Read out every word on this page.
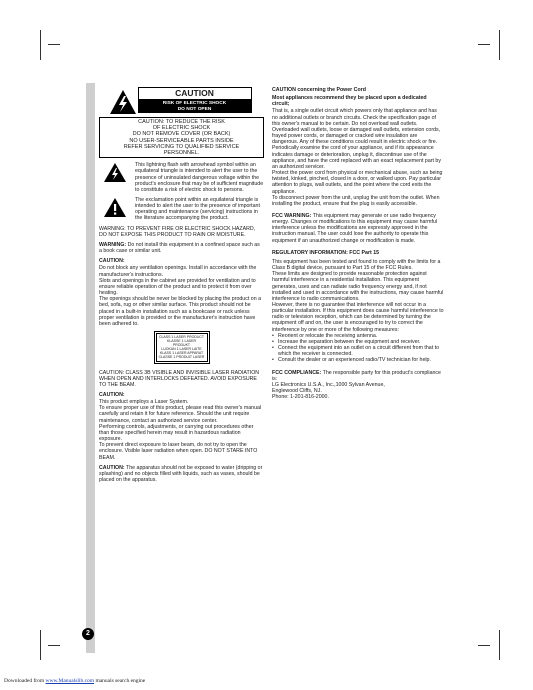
CAUTION
RISK OF ELECTRIC SHOCK
DO NOT OPEN
CAUTION: TO REDUCE THE RISK
OF ELECTRIC SHOCK
DO NOT REMOVE COVER (OR BACK)
NO USER-SERVICEABLE PARTS INSIDE
REFER SERVICING TO QUALIFIED SERVICE
PERSONNEL.
This lightning flash with arrowhead symbol within an equilateral triangle is intended to alert the user to the presence of uninsulated dangerous voltage within the product's enclosure that may be of sufficient magnitude to constitute a risk of electric shock to persons.
The exclamation point within an equilateral triangle is intended to alert the user to the presence of important operating and maintenance (servicing) instructions in the literature accompanying the product.

WARNING: TO PREVENT FIRE OR ELECTRIC SHOCK HAZARD, DO NOT EXPOSE THIS PRODUCT TO RAIN OR MOISTURE.

WARNING: Do not install this equipment in a confined space such as a book case or similar unit.

CAUTION:

Do not block any ventilation openings. Install in accordance with the manufacturer's instructions.

Slots and openings in the cabinet are provided for ventilation and to ensure reliable operation of the product and to protect it from over heating.

The openings should be never be blocked by placing the product on a bed, sofa, rug or other similar surface. This product should not be placed in a built-in installation such as a bookcase or rack unless proper ventilation is provided or the manufacturer's instruction have been adhered to.

CLASS 1 LASER PRODUCT
KLASSE 1 LASER PRODUKT
LUOKAN 1 LASER LAITE
KLASS 1 LASER APPARAT
CLASSE 1 PRODUIT LASER

CAUTION: CLASS 3B VISIBLE AND INVISIBLE LASER RADIATION WHEN OPEN AND INTERLOCKS DEFEATED. AVOID EXPOSURE TO THE BEAM.

CAUTION:

This product employs a Laser System.

To ensure proper use of this product, please read this owner's manual carefully and retain it for future reference. Should the unit require maintenance, contact an authorized service center.

Performing controls, adjustments, or carrying out procedures other than those specified herein may result in hazardous radiation exposure.

To prevent direct exposure to laser beam, do not try to open the enclosure. Visible laser radiation when open. DO NOT STARE INTO BEAM.

CAUTION: The apparatus should not be exposed to water (dripping or splashing) and no objects filled with liquids, such as vases, should be placed on the apparatus.

CAUTION concerning the Power Cord

Most appliances recommend they be placed upon a dedicated circuit;

That is, a single outlet circuit which powers only that appliance and has no additional outlets or branch circuits. Check the specification page of this owner's manual to be certain. Do not overload wall outlets. Overloaded wall outlets, loose or damaged wall outlets, extension cords, frayed power cords, or damaged or cracked wire insulation are dangerous. Any of these conditions could result in electric shock or fire. Periodically examine the cord of your appliance, and if its appearance indicates damage or deterioration, unplug it, discontinue use of the appliance, and have the cord replaced with an exact replacement part by an authorized servicer.

Protect the power cord from physical or mechanical abuse, such as being twisted, kinked, pinched, closed in a door, or walked upon. Pay particular attention to plugs, wall outlets, and the point where the cord exits the appliance.

To disconnect power from the unit, unplug the unit from the outlet. When installing the product, ensure that the plug is easily accessible.

FCC WARNING: This equipment may generate or use radio frequency energy. Changes or modifications to this equipment may cause harmful interference unless the modifications are expressly approved in the instruction manual. The user could lose the authority to operate this equipment if an unauthorized change or modification is made.

REGULATORY INFORMATION: FCC Part 15

This equipment has been tested and found to comply with the limits for a Class B digital device, pursuant to Part 15 of the FCC Rules.

These limits are designed to provide reasonable protection against harmful interference in a residential installation. This equipment generates, uses and can radiate radio frequency energy and, if not installed and used in accordance with the instructions, may cause harmful interference to radio communications.

However, there is no guarantee that interference will not occur in a particular installation. If this equipment does cause harmful interference to radio or television reception, which can be determined by turning the equipment off and on, the user is encouraged to try to correct the interference by one or more of the following measures:

• Reorient or relocate the receiving antenna.
• Increase the separation between the equipment and receiver.
• Connect the equipment into an outlet on a circuit different from that to which the receiver is connected.
• Consult the dealer or an experienced radio/TV technician for help.

FCC COMPLIANCE: The responsible party for this product's compliance is:

LG Electronics U.S.A., Inc.,1000 Sylvan Avenue,

Englewood Cliffs, NJ.

Phone: 1-201-816-2000.

2
Downloaded from www.Manualslib.com manuals search engine
